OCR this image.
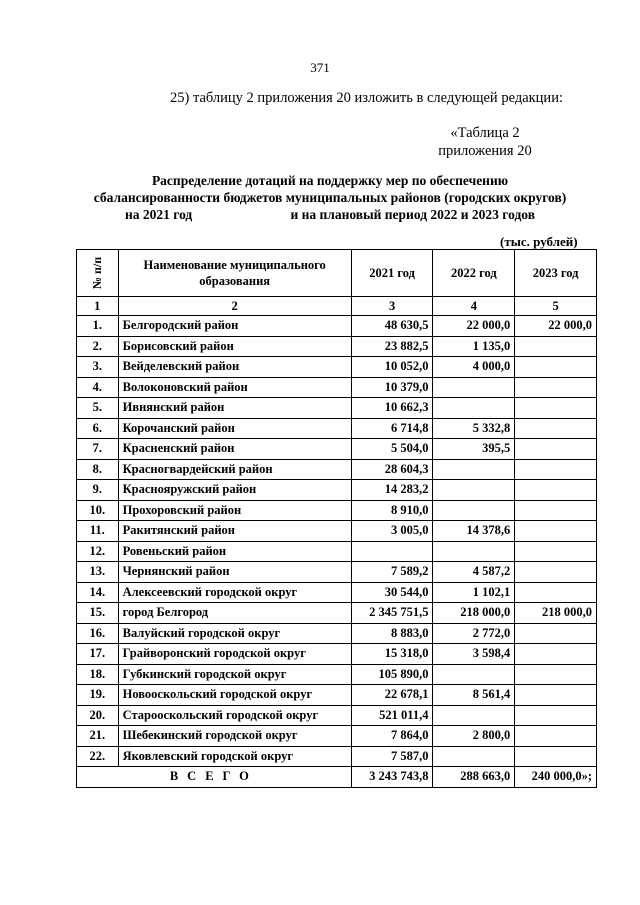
371
25) таблицу 2 приложения 20 изложить в следующей редакции:
«Таблица 2
приложения 20
Распределение дотаций на поддержку мер по обеспечению
сбалансированности бюджетов муниципальных районов (городских округов)
на 2021 год	и на плановый период 2022 и 2023 годов
(тыс. рублей)
№ п/п	Наименование муниципального образования	2021 год	2022 год	2023 год
1	2	3	4	5
1.	Белгородский район	48 630,5	22 000,0	22 000,0
2.	Борисовский район	23 882,5	1 135,0	
3.	Вейделевский район	10 052,0	4 000,0	
4.	Волоконовский район	10 379,0		
5.	Ивнянский район	10 662,3		
6.	Корочанский район	6 714,8	5 332,8	
7.	Красненский район	5 504,0	395,5	
8.	Красногвардейский район	28 604,3		
9.	Краснояружский район	14 283,2		
10.	Прохоровский район	8 910,0		
11.	Ракитянский район	3 005,0	14 378,6	
12.	Ровеньский район			
13.	Чернянский район	7 589,2	4 587,2	
14.	Алексеевский городской округ	30 544,0	1 102,1	
15.	город Белгород	2 345 751,5	218 000,0	218 000,0
16.	Валуйский городской округ	8 883,0	2 772,0	
17.	Грайворонский городской округ	15 318,0	3 598,4	
18.	Губкинский городской округ	105 890,0		
19.	Новооскольский городской округ	22 678,1	8 561,4	
20.	Старооскольский городской округ	521 011,4		
21.	Шебекинский городской округ	7 864,0	2 800,0	
22.	Яковлевский городской округ	7 587,0		
ВСЕГО		3 243 743,8	288 663,0	240 000,0»;
